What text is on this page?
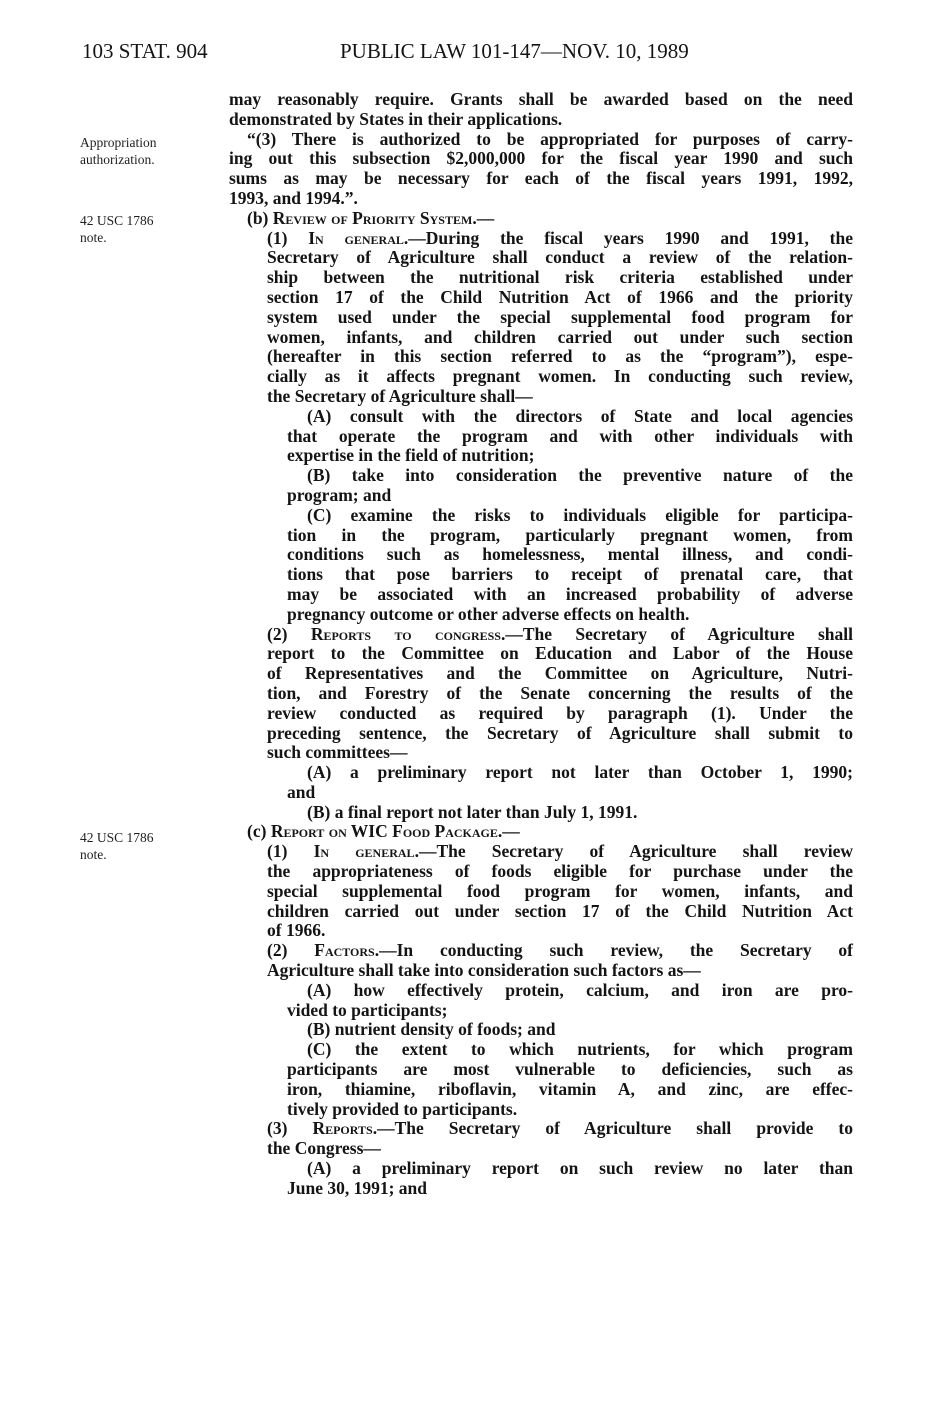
103 STAT. 904	PUBLIC LAW 101-147—NOV. 10, 1989
Appropriation
authorization.
42 USC 1786
note.
42 USC 1786
note.
may reasonably require. Grants shall be awarded based on the need
demonstrated by States in their applications.
“(3) There is authorized to be appropriated for purposes of carry-
ing out this subsection $2,000,000 for the fiscal year 1990 and such
sums as may be necessary for each of the fiscal years 1991, 1992,
1993, and 1994.”.
(b) Review of Priority System.—
(1) In general.—During the fiscal years 1990 and 1991, the
Secretary of Agriculture shall conduct a review of the relation-
ship between the nutritional risk criteria established under
section 17 of the Child Nutrition Act of 1966 and the priority
system used under the special supplemental food program for
women, infants, and children carried out under such section
(hereafter in this section referred to as the “program”), espe-
cially as it affects pregnant women. In conducting such review,
the Secretary of Agriculture shall—
(A) consult with the directors of State and local agencies
that operate the program and with other individuals with
expertise in the field of nutrition;
(B) take into consideration the preventive nature of the
program; and
(C) examine the risks to individuals eligible for participa-
tion in the program, particularly pregnant women, from
conditions such as homelessness, mental illness, and condi-
tions that pose barriers to receipt of prenatal care, that
may be associated with an increased probability of adverse
pregnancy outcome or other adverse effects on health.
(2) Reports to congress.—The Secretary of Agriculture shall
report to the Committee on Education and Labor of the House
of Representatives and the Committee on Agriculture, Nutri-
tion, and Forestry of the Senate concerning the results of the
review conducted as required by paragraph (1). Under the
preceding sentence, the Secretary of Agriculture shall submit to
such committees—
(A) a preliminary report not later than October 1, 1990;
and
(B) a final report not later than July 1, 1991.
(c) Report on WIC Food Package.—
(1) In general.—The Secretary of Agriculture shall review
the appropriateness of foods eligible for purchase under the
special supplemental food program for women, infants, and
children carried out under section 17 of the Child Nutrition Act
of 1966.
(2) Factors.—In conducting such review, the Secretary of
Agriculture shall take into consideration such factors as—
(A) how effectively protein, calcium, and iron are pro-
vided to participants;
(B) nutrient density of foods; and
(C) the extent to which nutrients, for which program
participants are most vulnerable to deficiencies, such as
iron, thiamine, riboflavin, vitamin A, and zinc, are effec-
tively provided to participants.
(3) Reports.—The Secretary of Agriculture shall provide to
the Congress—
(A) a preliminary report on such review no later than
June 30, 1991; and
